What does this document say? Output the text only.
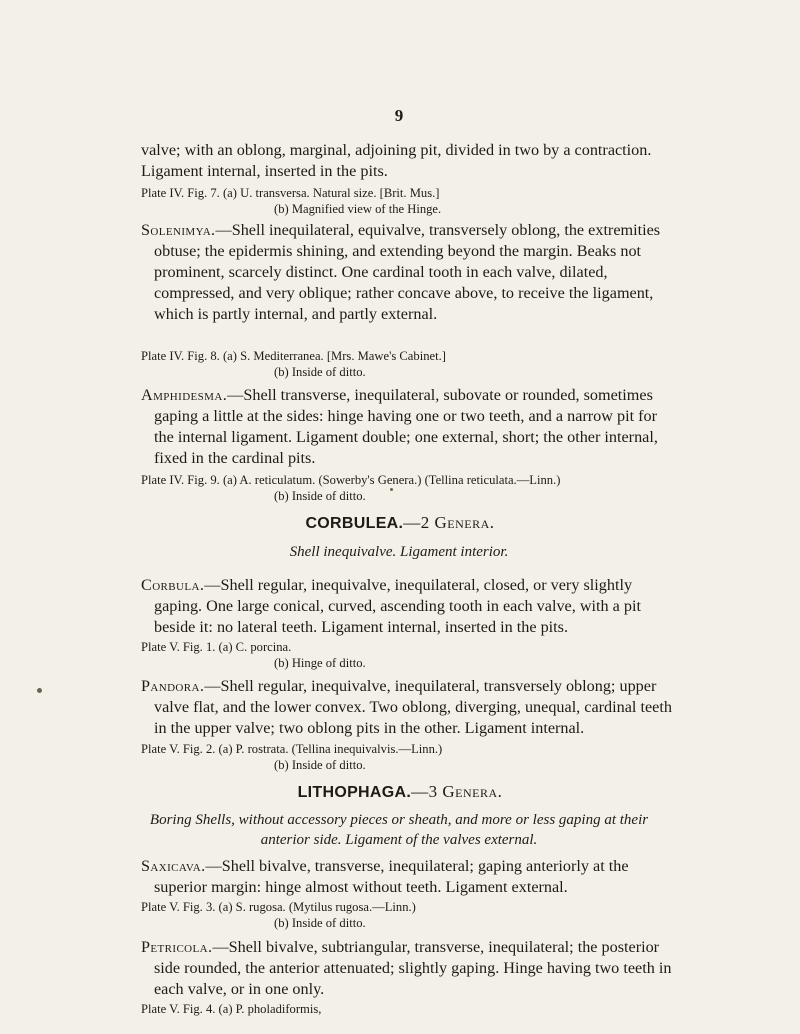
9

valve; with an oblong, marginal, adjoining pit, divided in two by a contraction. Ligament internal, inserted in the pits.

Plate IV. Fig. 7. (a) U. transversa. Natural size. [Brit. Mus.]
(b) Magnified view of the Hinge.

Solenimya.—Shell inequilateral, equivalve, transversely oblong, the extremities obtuse; the epidermis shining, and extending beyond the margin. Beaks not prominent, scarcely distinct. One cardinal tooth in each valve, dilated, compressed, and very oblique; rather concave above, to receive the ligament, which is partly internal, and partly external.

Plate IV. Fig. 8. (a) S. Mediterranea. [Mrs. Mawe's Cabinet.]
(b) Inside of ditto.

Amphidesma.—Shell transverse, inequilateral, subovate or rounded, sometimes gaping a little at the sides: hinge having one or two teeth, and a narrow pit for the internal ligament. Ligament double; one external, short; the other internal, fixed in the cardinal pits.

Plate IV. Fig. 9. (a) A. reticulatum. (Sowerby's Genera.) (Tellina reticulata.—Linn.)
(b) Inside of ditto.
CORBULEA.—2 Genera.
Shell inequivalve. Ligament interior.

Corbula.—Shell regular, inequivalve, inequilateral, closed, or very slightly gaping. One large conical, curved, ascending tooth in each valve, with a pit beside it: no lateral teeth. Ligament internal, inserted in the pits.

Plate V. Fig. 1. (a) C. porcina.
(b) Hinge of ditto.

Pandora.—Shell regular, inequivalve, inequilateral, transversely oblong; upper valve flat, and the lower convex. Two oblong, diverging, unequal, cardinal teeth in the upper valve; two oblong pits in the other. Ligament internal.

Plate V. Fig. 2. (a) P. rostrata. (Tellina inequivalvis.—Linn.)
(b) Inside of ditto.
LITHOPHAGA.—3 Genera.
Boring Shells, without accessory pieces or sheath, and more or less gaping at their anterior side. Ligament of the valves external.

Saxicava.—Shell bivalve, transverse, inequilateral; gaping anteriorly at the superior margin: hinge almost without teeth. Ligament external.

Plate V. Fig. 3. (a) S. rugosa. (Mytilus rugosa.—Linn.)
(b) Inside of ditto.

Petricola.—Shell bivalve, subtriangular, transverse, inequilateral; the posterior side rounded, the anterior attenuated; slightly gaping. Hinge having two teeth in each valve, or in one only.

Plate V. Fig. 4. (a) P. pholadiformis,
